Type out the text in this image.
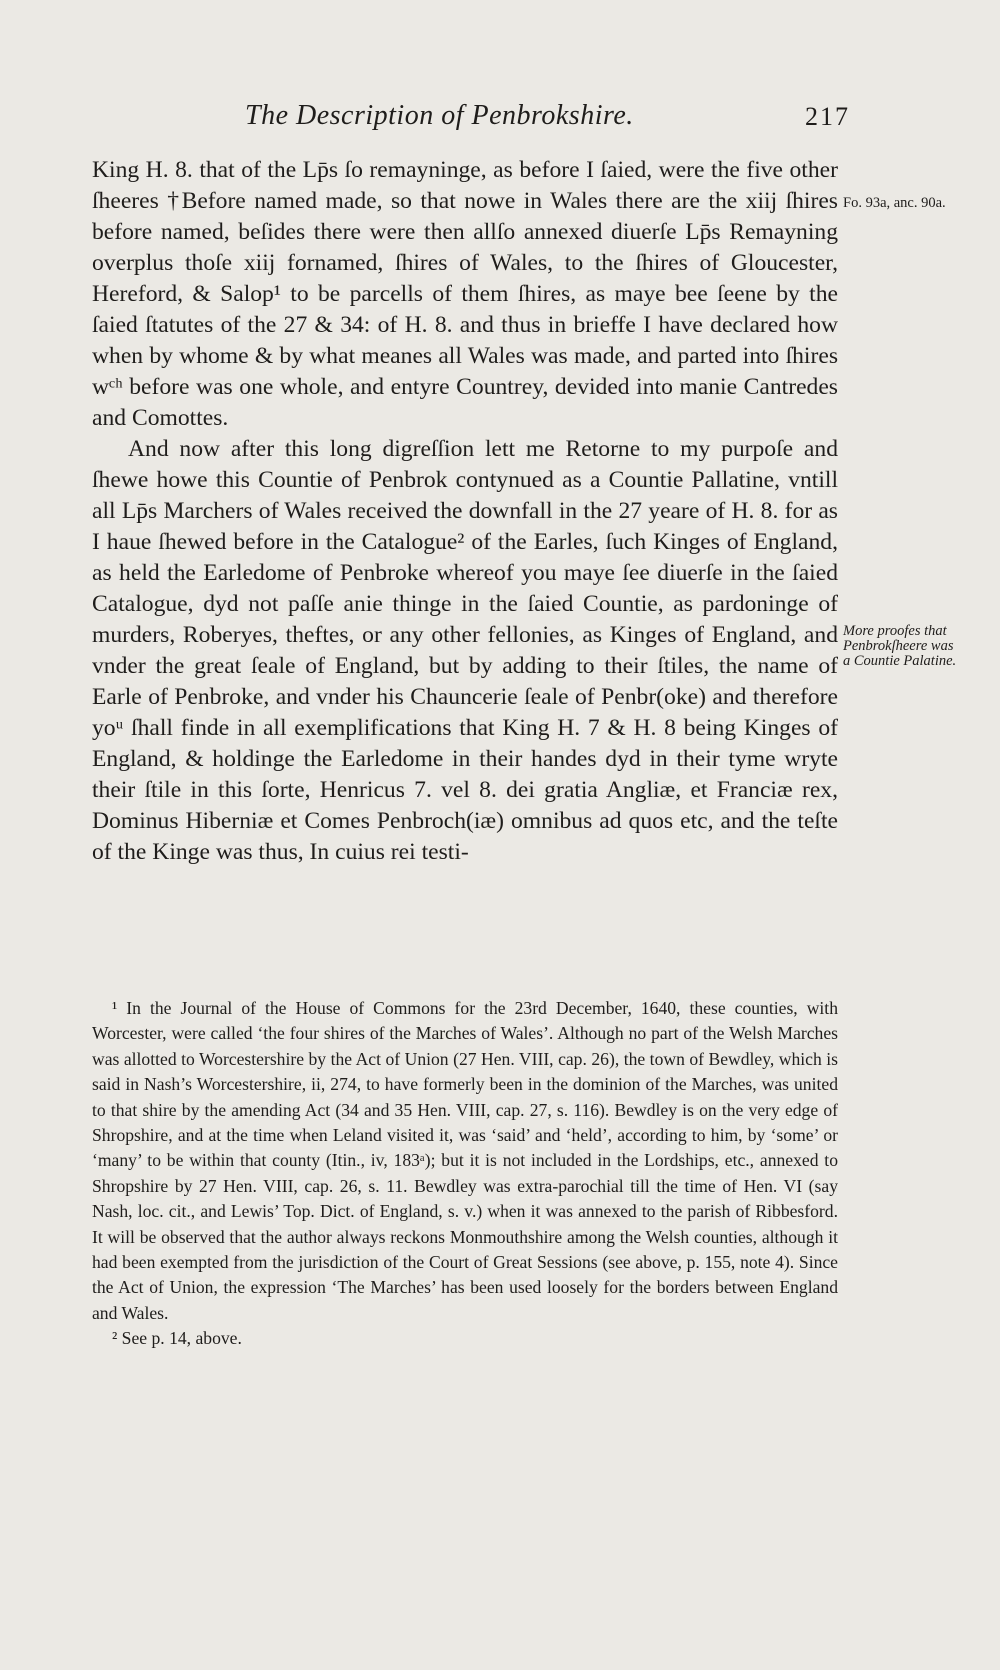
The Description of Penbrokshire.	217

King H. 8. that of the Lp̄s ſo remayninge, as before I ſaied, were the five other ſheeres †Before named made, so that nowe in Wales there are the xiij ſhires before named, beſides there were then allſo annexed diuerſe Lp̄s Remayning overplus thoſe xiij fornamed, ſhires of Wales, to the ſhires of Gloucester, Hereford, & Salop¹ to be parcells of them ſhires, as maye bee ſeene by the ſaied ſtatutes of the 27 & 34: of H. 8. and thus in brieffe I have declared how when by whome & by what meanes all Wales was made, and parted into ſhires wᶜʰ before was one whole, and entyre Countrey, devided into manie Cantredes and Comottes.

And now after this long digreſſion lett me Retorne to my purpoſe and ſhewe howe this Countie of Penbrok contynued as a Countie Pallatine, vntill all Lp̄s Marchers of Wales received the downfall in the 27 yeare of H. 8. for as I haue ſhewed before in the Catalogue² of the Earles, ſuch Kinges of England, as held the Earledome of Penbroke whereof you maye ſee diuerſe in the ſaied Catalogue, dyd not paſſe anie thinge in the ſaied Countie, as pardoninge of murders, Roberyes, theftes, or any other fellonies, as Kinges of England, and vnder the great ſeale of England, but by adding to their ſtiles, the name of Earle of Penbroke, and vnder his Chauncerie ſeale of Penbr(oke) and therefore yoᵘ ſhall finde in all exemplifications that King H. 7 & H. 8 being Kinges of England, & holdinge the Earledome in their handes dyd in their tyme wryte their ſtile in this ſorte, Henricus 7. vel 8. dei gratia Angliæ, et Franciæ rex, Dominus Hiberniæ et Comes Penbroch(iæ) omnibus ad quos etc, and the teſte of the Kinge was thus, In cuius rei testi-

Fo. 93a, anc. 90a.
More proofes that Penbrokſheere was a Countie Palatine.

¹ In the Journal of the House of Commons for the 23rd December, 1640, these counties, with Worcester, were called ‘the four shires of the Marches of Wales’. Although no part of the Welsh Marches was allotted to Worcestershire by the Act of Union (27 Hen. VIII, cap. 26), the town of Bewdley, which is said in Nash’s Worcestershire, ii, 274, to have formerly been in the dominion of the Marches, was united to that shire by the amending Act (34 and 35 Hen. VIII, cap. 27, s. 116). Bewdley is on the very edge of Shropshire, and at the time when Leland visited it, was ‘said’ and ‘held’, according to him, by ‘some’ or ‘many’ to be within that county (Itin., iv, 183ᵃ); but it is not included in the Lordships, etc., annexed to Shropshire by 27 Hen. VIII, cap. 26, s. 11. Bewdley was extra-parochial till the time of Hen. VI (say Nash, loc. cit., and Lewis’ Top. Dict. of England, s. v.) when it was annexed to the parish of Ribbesford. It will be observed that the author always reckons Monmouthshire among the Welsh counties, although it had been exempted from the jurisdiction of the Court of Great Sessions (see above, p. 155, note 4). Since the Act of Union, the expression ‘The Marches’ has been used loosely for the borders between England and Wales.

² See p. 14, above.
